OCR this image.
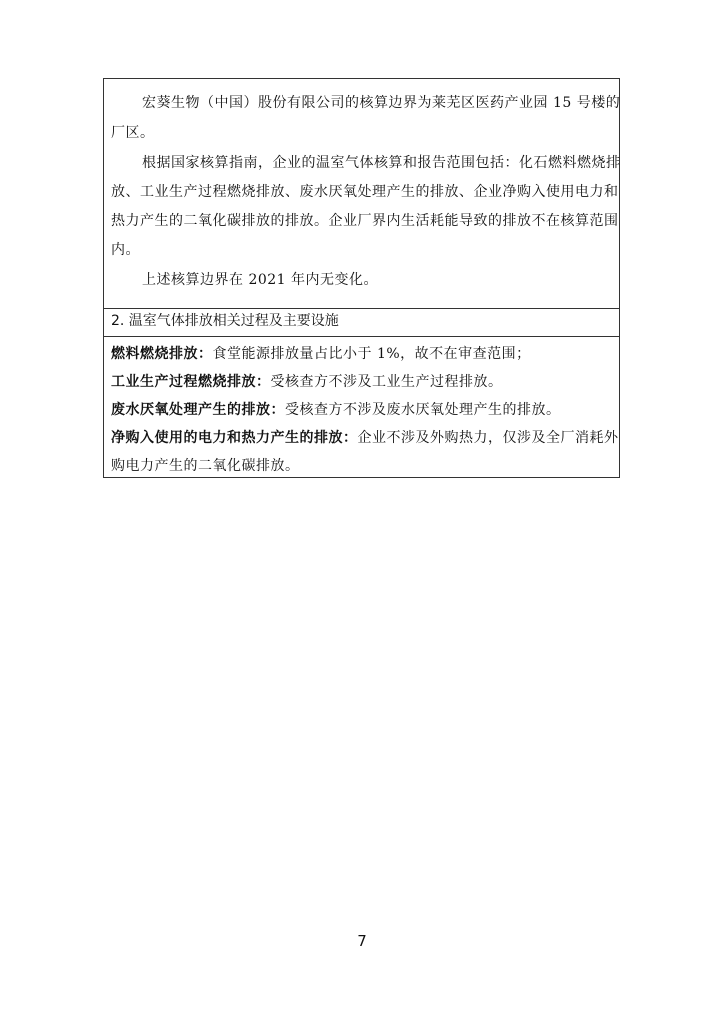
宏葵生物（中国）股份有限公司的核算边界为莱芜区医药产业园 15 号楼的
厂区。
根据国家核算指南，企业的温室气体核算和报告范围包括：化石燃料燃烧排
放、工业生产过程燃烧排放、废水厌氧处理产生的排放、企业净购入使用电力和
热力产生的二氧化碳排放的排放。企业厂界内生活耗能导致的排放不在核算范围
内。
上述核算边界在 2021 年内无变化。
2. 温室气体排放相关过程及主要设施
燃料燃烧排放：食堂能源排放量占比小于 1%，故不在审查范围；
工业生产过程燃烧排放：受核查方不涉及工业生产过程排放。
废水厌氧处理产生的排放：受核查方不涉及废水厌氧处理产生的排放。
净购入使用的电力和热力产生的排放：企业不涉及外购热力，仅涉及全厂消耗外
购电力产生的二氧化碳排放。
7
